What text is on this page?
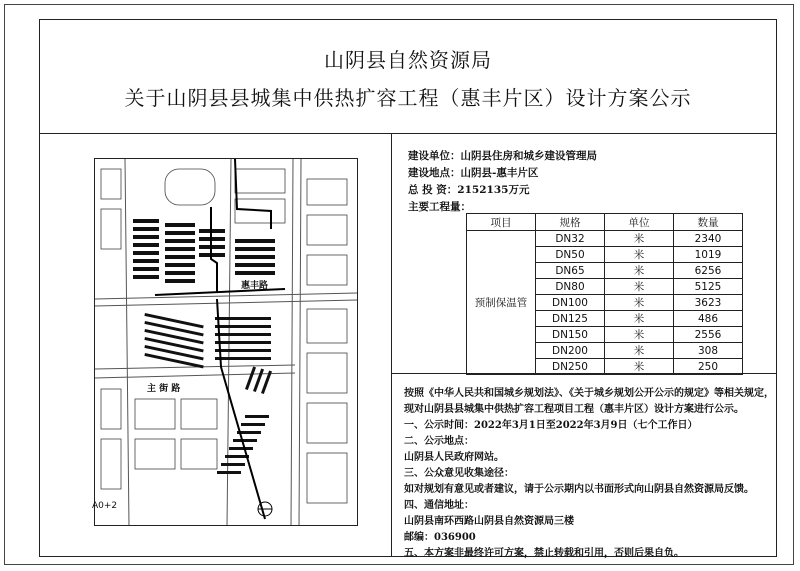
山阴县自然资源局
关于山阴县县城集中供热扩容工程（惠丰片区）设计方案公示
主 街 路
惠丰路
A0+2
建设单位：山阴县住房和城乡建设管理局
建设地点：山阴县-惠丰片区
总 投 资：2152135万元
主要工程量：
项目	规格	单位	数量
预制保温管	DN32	米	2340
	DN50	米	1019
	DN65	米	6256
	DN80	米	5125
	DN100	米	3623
	DN125	米	486
	DN150	米	2556
	DN200	米	308
	DN250	米	250
按照《中华人民共和国城乡规划法》、《关于城乡规划公开公示的规定》等相关规定，
现对山阴县县城集中供热扩容工程项目工程（惠丰片区）设计方案进行公示。
一、公示时间：2022年3月1日至2022年3月9日（七个工作日）
二、公示地点：
山阴县人民政府网站。
三、公众意见收集途径：
如对规划有意见或者建议，请于公示期内以书面形式向山阴县自然资源局反馈。
四、通信地址：
山阴县南环西路山阴县自然资源局三楼
邮编：036900
五、本方案非最终许可方案，禁止转载和引用，否则后果自负。
